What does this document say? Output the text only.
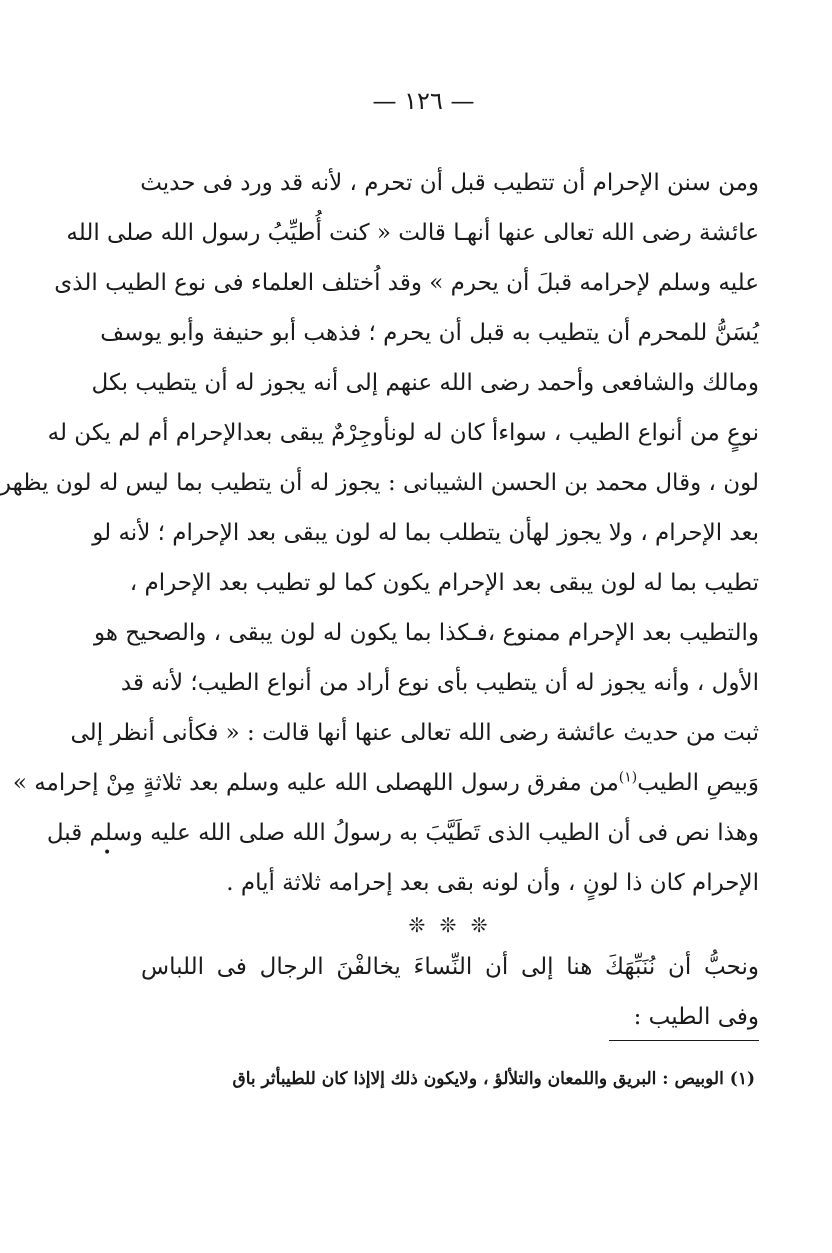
— ١٢٦ —
ومن سنن الإحرام أن تتطيب قبل أن تحرم ، لأنه قد ورد فى حديث
عائشة رضى الله تعالى عنها أنهـا قالت « كنت أُطيِّبُ رسول الله صلى الله
عليه وسلم لإحرامه قبلَ أن يحرم » وقد اُختلف العلماء فى نوع الطيب الذى
يُسَنُّ للمحرم أن يتطيب به قبل أن يحرم ؛ فذهب أبو حنيفة وأبو يوسف
ومالك والشافعى وأحمد رضى الله عنهم إلى أنه يجوز له أن يتطيب بكل
نوعٍ من أنواع الطيب ، سواءأ كان له لونأوجِرْمٌ يبقى بعدالإحرام أم لم يكن له
لون ، وقال محمد بن الحسن الشيبانى : يجوز له أن يتطيب بما ليس له لون يظهر
بعد الإحرام ، ولا يجوز لهأن يتطلب بما له لون يبقى بعد الإحرام ؛ لأنه لو
تطيب بما له لون يبقى بعد الإحرام يكون كما لو تطيب بعد الإحرام ،
والتطيب بعد الإحرام ممنوع ،فـكذا بما يكون له لون يبقى ، والصحيح هو
الأول ، وأنه يجوز له أن يتطيب بأى نوع أراد من أنواع الطيب؛ لأنه قد
ثبت من حديث عائشة رضى الله تعالى عنها أنها قالت : « فكأنى أنظر إلى
وَبيصِ الطيب$^{(١)}$من مفرق رسول اللهصلى الله عليه وسلم بعد ثلاثةٍ مِنْ إحرامه »
وهذا نص فى أن الطيب الذى تَطَيَّبَ به رسولُ الله صلى الله عليه وسلم قبل
الإحرام كان ذا لونٍ ، وأن لونه بقى بعد إحرامه ثلاثة أيام .
❊ ❊ ❊
ونحبُّ أن نُنَبِّهَكَ هنا إلى أن النِّساءَ يخالفْنَ الرجال فى اللباس
وفى الطيب :
•
(١) الوبيص : البريق واللمعان والتلألؤ ، ولايكون ذلك إلاإذا كان للطيبأثر باق
